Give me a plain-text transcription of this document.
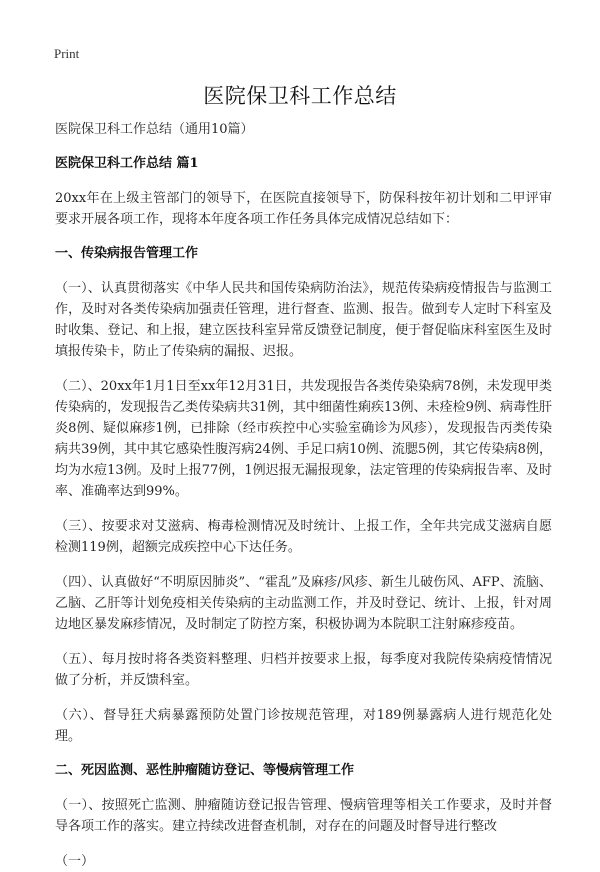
Print
医院保卫科工作总结

医院保卫科工作总结（通用10篇）

医院保卫科工作总结 篇1

20xx年在上级主管部门的领导下，在医院直接领导下，防保科按年初计划和二甲评审要求开展各项工作，现将本年度各项工作任务具体完成情况总结如下：

一、传染病报告管理工作

（一）、认真贯彻落实《中华人民共和国传染病防治法》，规范传染病疫情报告与监测工作，及时对各类传染病加强责任管理，进行督查、监测、报告。做到专人定时下科室及时收集、登记、和上报，建立医技科室异常反馈登记制度，便于督促临床科室医生及时填报传染卡，防止了传染病的漏报、迟报。

（二）、20xx年1月1日至xx年12月31日，共发现报告各类传染染病78例，未发现甲类传染病的，发现报告乙类传染病共31例，其中细菌性痢疾13例、未痊检9例、病毒性肝炎8例、疑似麻疹1例，已排除（经市疾控中心实验室确诊为风疹），发现报告丙类传染病共39例，其中其它感染性腹泻病24例、手足口病10例、流腮5例，其它传染病8例，均为水痘13例。及时上报77例，1例迟报无漏报现象，法定管理的传染病报告率、及时率、准确率达到99%。

（三）、按要求对艾滋病、梅毒检测情况及时统计、上报工作，全年共完成艾滋病自愿检测119例，超额完成疾控中心下达任务。

（四）、认真做好“不明原因肺炎”、“霍乱”及麻疹/风疹、新生儿破伤风、AFP、流脑、乙脑、乙肝等计划免疫相关传染病的主动监测工作，并及时登记、统计、上报，针对周边地区暴发麻疹情况，及时制定了防控方案，积极协调为本院职工注射麻疹疫苗。

（五）、每月按时将各类资料整理、归档并按要求上报，每季度对我院传染病疫情情况做了分析，并反馈科室。

（六）、督导狂犬病暴露预防处置门诊按规范管理，对189例暴露病人进行规范化处理。

二、死因监测、恶性肿瘤随访登记、等慢病管理工作

（一）、按照死亡监测、肿瘤随访登记报告管理、慢病管理等相关工作要求，及时并督导各项工作的落实。建立持续改进督查机制，对存在的问题及时督导进行整改

（一）
